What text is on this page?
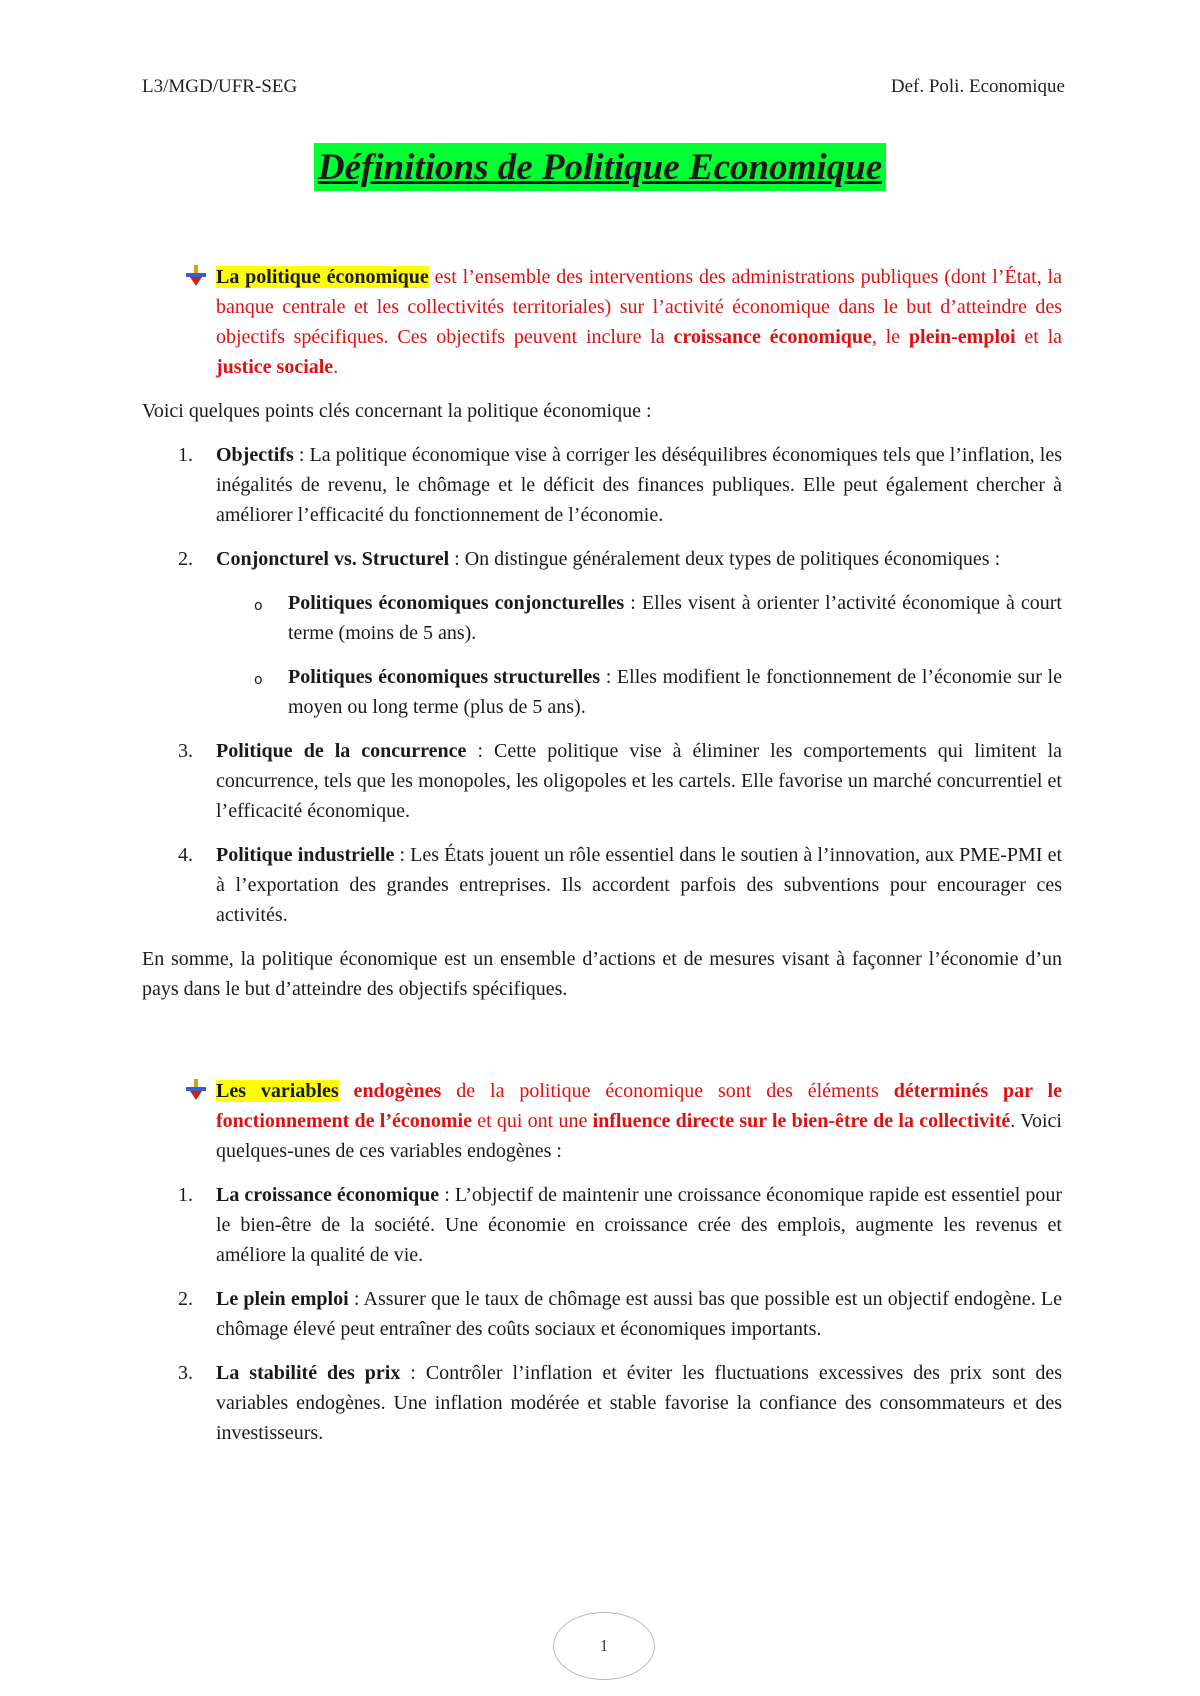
L3/MGD/UFR-SEG	Def. Poli. Economique
Définitions de Politique Economique

La politique économique est l’ensemble des interventions des administrations publiques (dont l’État, la banque centrale et les collectivités territoriales) sur l’activité économique dans le but d’atteindre des objectifs spécifiques. Ces objectifs peuvent inclure la croissance économique, le plein-emploi et la justice sociale.

Voici quelques points clés concernant la politique économique :

1. Objectifs : La politique économique vise à corriger les déséquilibres économiques tels que l’inflation, les inégalités de revenu, le chômage et le déficit des finances publiques. Elle peut également chercher à améliorer l’efficacité du fonctionnement de l’économie.
2. Conjoncturel vs. Structurel : On distingue généralement deux types de politiques économiques :
o Politiques économiques conjoncturelles : Elles visent à orienter l’activité économique à court terme (moins de 5 ans).
o Politiques économiques structurelles : Elles modifient le fonctionnement de l’économie sur le moyen ou long terme (plus de 5 ans).
3. Politique de la concurrence : Cette politique vise à éliminer les comportements qui limitent la concurrence, tels que les monopoles, les oligopoles et les cartels. Elle favorise un marché concurrentiel et l’efficacité économique.
4. Politique industrielle : Les États jouent un rôle essentiel dans le soutien à l’innovation, aux PME-PMI et à l’exportation des grandes entreprises. Ils accordent parfois des subventions pour encourager ces activités.

En somme, la politique économique est un ensemble d’actions et de mesures visant à façonner l’économie d’un pays dans le but d’atteindre des objectifs spécifiques.

Les variables endogènes de la politique économique sont des éléments déterminés par le fonctionnement de l’économie et qui ont une influence directe sur le bien-être de la collectivité. Voici quelques-unes de ces variables endogènes :

1. La croissance économique : L’objectif de maintenir une croissance économique rapide est essentiel pour le bien-être de la société. Une économie en croissance crée des emplois, augmente les revenus et améliore la qualité de vie.
2. Le plein emploi : Assurer que le taux de chômage est aussi bas que possible est un objectif endogène. Le chômage élevé peut entraîner des coûts sociaux et économiques importants.
3. La stabilité des prix : Contrôler l’inflation et éviter les fluctuations excessives des prix sont des variables endogènes. Une inflation modérée et stable favorise la confiance des consommateurs et des investisseurs.
1
